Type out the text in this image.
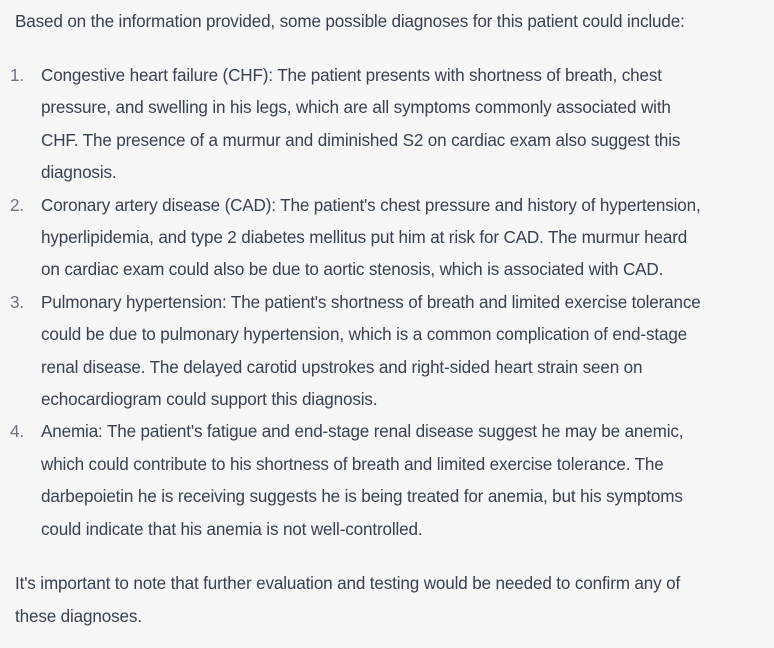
Based on the information provided, some possible diagnoses for this patient could include:

1. Congestive heart failure (CHF): The patient presents with shortness of breath, chest
pressure, and swelling in his legs, which are all symptoms commonly associated with
CHF. The presence of a murmur and diminished S2 on cardiac exam also suggest this
diagnosis.
2. Coronary artery disease (CAD): The patient's chest pressure and history of hypertension,
hyperlipidemia, and type 2 diabetes mellitus put him at risk for CAD. The murmur heard
on cardiac exam could also be due to aortic stenosis, which is associated with CAD.
3. Pulmonary hypertension: The patient's shortness of breath and limited exercise tolerance
could be due to pulmonary hypertension, which is a common complication of end-stage
renal disease. The delayed carotid upstrokes and right-sided heart strain seen on
echocardiogram could support this diagnosis.
4. Anemia: The patient's fatigue and end-stage renal disease suggest he may be anemic,
which could contribute to his shortness of breath and limited exercise tolerance. The
darbepoietin he is receiving suggests he is being treated for anemia, but his symptoms
could indicate that his anemia is not well-controlled.

It's important to note that further evaluation and testing would be needed to confirm any of
these diagnoses.
